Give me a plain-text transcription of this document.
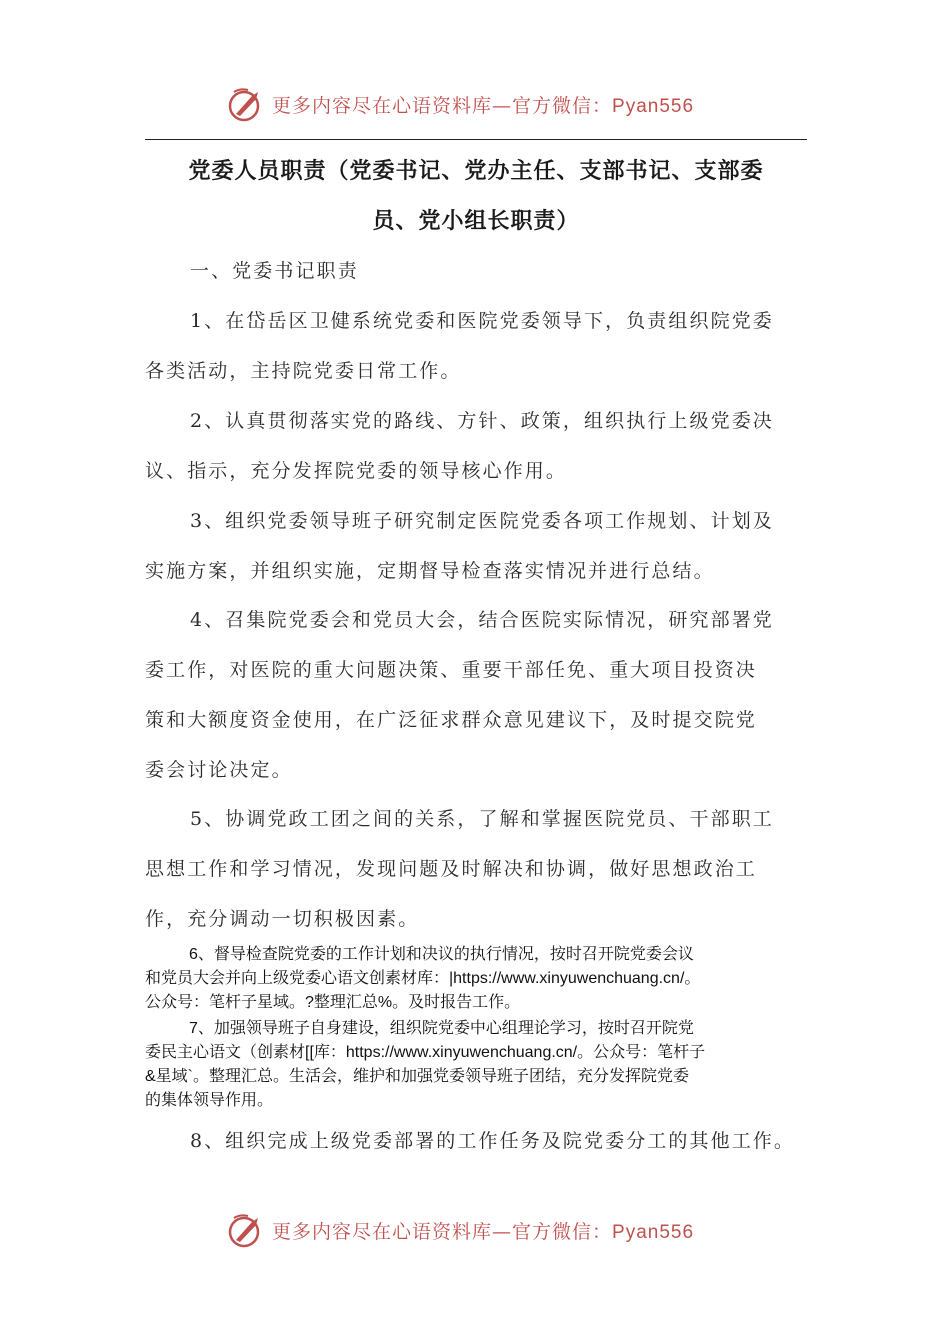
更多内容尽在心语资料库—官方微信：Pyan556
党委人员职责（党委书记、党办主任、支部书记、支部委
员、党小组长职责）
一、党委书记职责
1、在岱岳区卫健系统党委和医院党委领导下，负责组织院党委
各类活动，主持院党委日常工作。
2、认真贯彻落实党的路线、方针、政策，组织执行上级党委决
议、指示，充分发挥院党委的领导核心作用。
3、组织党委领导班子研究制定医院党委各项工作规划、计划及
实施方案，并组织实施，定期督导检查落实情况并进行总结。
4、召集院党委会和党员大会，结合医院实际情况，研究部署党
委工作，对医院的重大问题决策、重要干部任免、重大项目投资决
策和大额度资金使用，在广泛征求群众意见建议下，及时提交院党
委会讨论决定。
5、协调党政工团之间的关系，了解和掌握医院党员、干部职工
思想工作和学习情况，发现问题及时解决和协调，做好思想政治工
作，充分调动一切积极因素。
6、督导检查院党委的工作计划和决议的执行情况，按时召开院党委会议
和党员大会并向上级党委心语文创素材库：|https://www.xinyuwenchuang.cn/。
公众号：笔杆子星域。?整理汇总%。及时报告工作。
7、加强领导班子自身建设，组织院党委中心组理论学习，按时召开院党
委民主心语文（创素材[[库：https://www.xinyuwenchuang.cn/。公众号：笔杆子
&星域`。整理汇总。生活会，维护和加强党委领导班子团结，充分发挥院党委
的集体领导作用。
8、组织完成上级党委部署的工作任务及院党委分工的其他工作。
更多内容尽在心语资料库—官方微信：Pyan556
